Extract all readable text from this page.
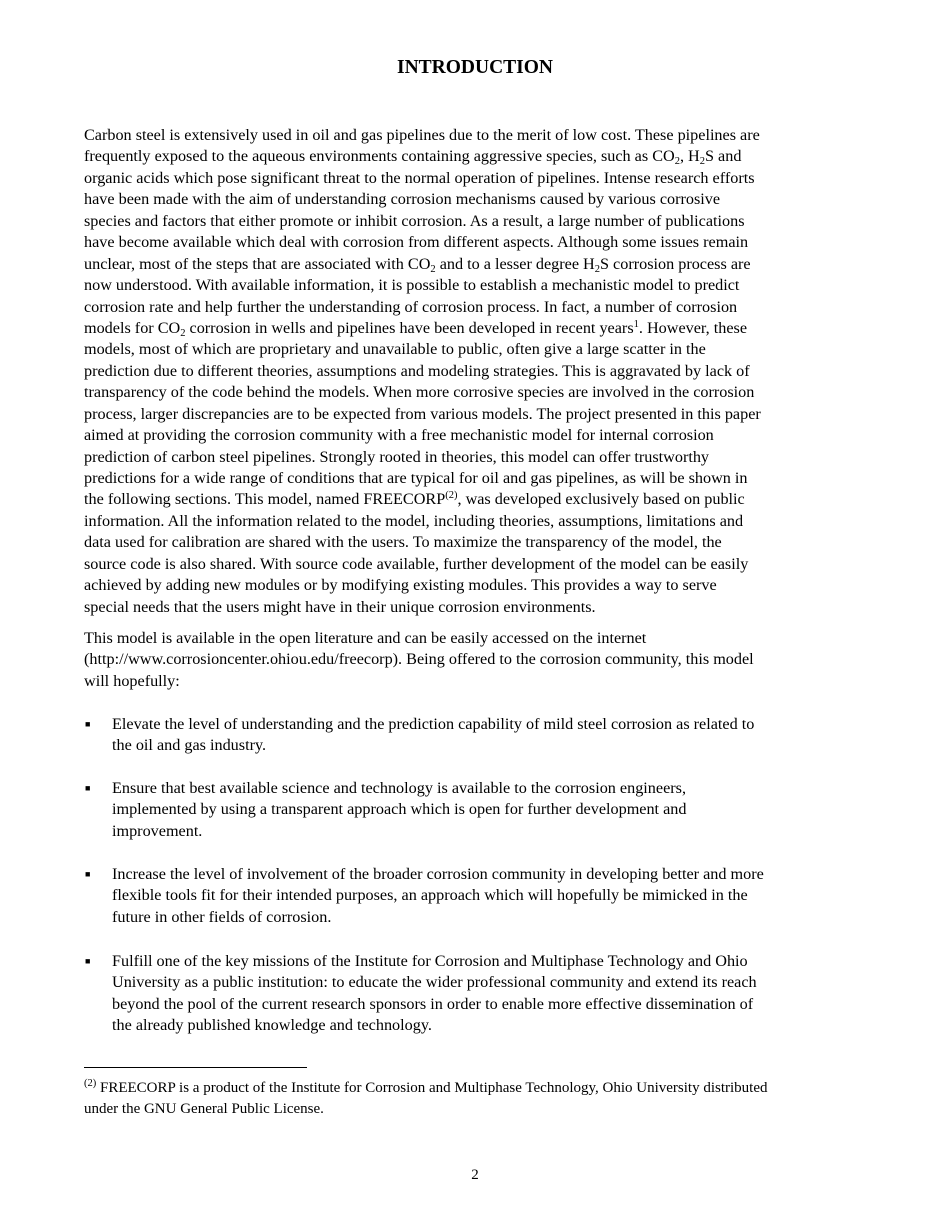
INTRODUCTION
Carbon steel is extensively used in oil and gas pipelines due to the merit of low cost. These pipelines are
frequently exposed to the aqueous environments containing aggressive species, such as $CO_2$, $H_2S$ and
organic acids which pose significant threat to the normal operation of pipelines. Intense research efforts
have been made with the aim of understanding corrosion mechanisms caused by various corrosive
species and factors that either promote or inhibit corrosion. As a result, a large number of publications
have become available which deal with corrosion from different aspects. Although some issues remain
unclear, most of the steps that are associated with $CO_2$ and to a lesser degree $H_2S$ corrosion process are
now understood. With available information, it is possible to establish a mechanistic model to predict
corrosion rate and help further the understanding of corrosion process. In fact, a number of corrosion
models for $CO_2$ corrosion in wells and pipelines have been developed in recent years$^1$. However, these
models, most of which are proprietary and unavailable to public, often give a large scatter in the
prediction due to different theories, assumptions and modeling strategies. This is aggravated by lack of
transparency of the code behind the models. When more corrosive species are involved in the corrosion
process, larger discrepancies are to be expected from various models. The project presented in this paper
aimed at providing the corrosion community with a free mechanistic model for internal corrosion
prediction of carbon steel pipelines. Strongly rooted in theories, this model can offer trustworthy
predictions for a wide range of conditions that are typical for oil and gas pipelines, as will be shown in
the following sections. This model, named FREECORP$^{(2)}$, was developed exclusively based on public
information. All the information related to the model, including theories, assumptions, limitations and
data used for calibration are shared with the users. To maximize the transparency of the model, the
source code is also shared. With source code available, further development of the model can be easily
achieved by adding new modules or by modifying existing modules. This provides a way to serve
special needs that the users might have in their unique corrosion environments.
This model is available in the open literature and can be easily accessed on the internet
(http://www.corrosioncenter.ohiou.edu/freecorp). Being offered to the corrosion community, this model
will hopefully:
■ Elevate the level of understanding and the prediction capability of mild steel corrosion as related to
the oil and gas industry.
■ Ensure that best available science and technology is available to the corrosion engineers,
implemented by using a transparent approach which is open for further development and
improvement.
■ Increase the level of involvement of the broader corrosion community in developing better and more
flexible tools fit for their intended purposes, an approach which will hopefully be mimicked in the
future in other fields of corrosion.
■ Fulfill one of the key missions of the Institute for Corrosion and Multiphase Technology and Ohio
University as a public institution: to educate the wider professional community and extend its reach
beyond the pool of the current research sponsors in order to enable more effective dissemination of
the already published knowledge and technology.
$^{(2)}$ FREECORP is a product of the Institute for Corrosion and Multiphase Technology, Ohio University distributed
under the GNU General Public License.
2
